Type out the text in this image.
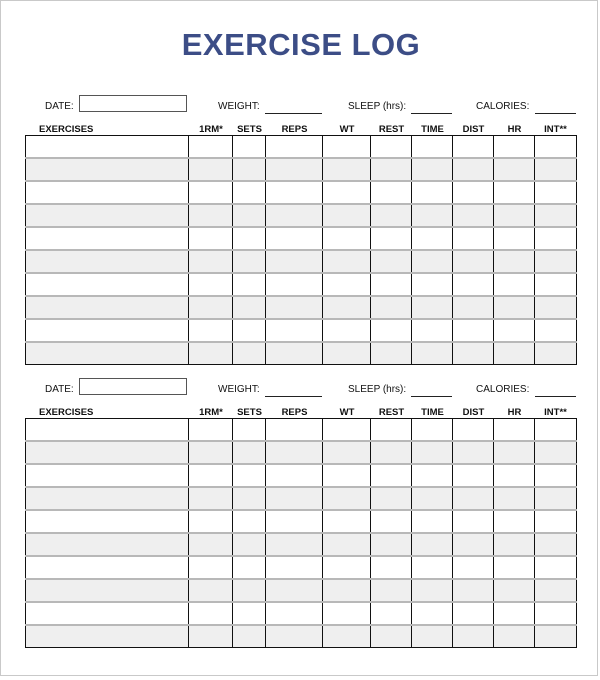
EXERCISE LOG
DATE:	WEIGHT:	SLEEP (hrs):	CALORIES:
EXERCISES	1RM*	SETS	REPS	WT	REST	TIME	DIST	HR	INT**

DATE:	WEIGHT:	SLEEP (hrs):	CALORIES:
EXERCISES	1RM*	SETS	REPS	WT	REST	TIME	DIST	HR	INT**
